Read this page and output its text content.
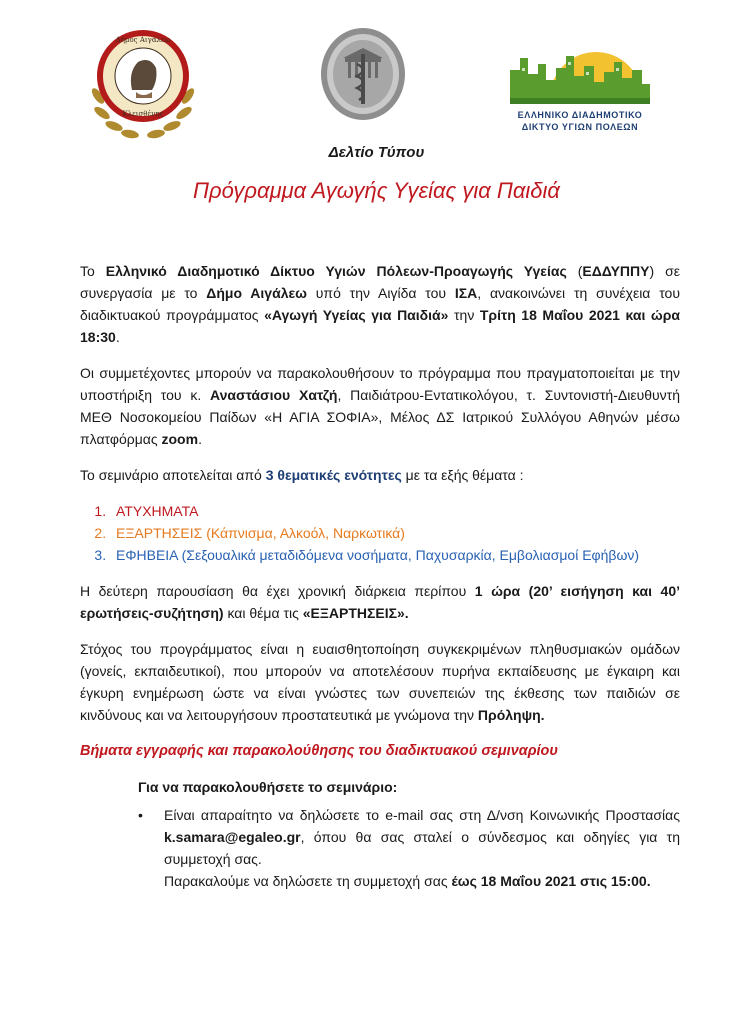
Δήμος Αιγάλεω
Κλεισθένης	ΕΛΛΗΝΙΚΟ ΔΙΑΔΗΜΟΤΙΚΟ
ΔΙΚΤΥΟ ΥΓΙΩΝ ΠΟΛΕΩΝ
Δελτίο Τύπου
Πρόγραμμα Αγωγής Υγείας για Παιδιά

Το Ελληνικό Διαδημοτικό Δίκτυο Υγιών Πόλεων-Προαγωγής Υγείας (ΕΔΔΥΠΠΥ) σε συνεργασία με το Δήμο Αιγάλεω υπό την Αιγίδα του ΙΣΑ, ανακοινώνει τη συνέχεια του διαδικτυακού προγράμματος «Αγωγή Υγείας για Παιδιά» την Τρίτη 18 Μαΐου 2021 και ώρα 18:30.

Οι συμμετέχοντες μπορούν να παρακολουθήσουν το πρόγραμμα που πραγματοποιείται με την υποστήριξη του κ. Αναστάσιου Χατζή, Παιδιάτρου-Εντατικολόγου, τ. Συντονιστή-Διευθυντή ΜΕΘ Νοσοκομείου Παίδων «Η ΑΓΙΑ ΣΟΦΙΑ», Μέλος ΔΣ Ιατρικού Συλλόγου Αθηνών μέσω πλατφόρμας zoom.

Το σεμινάριο αποτελείται από 3 θεματικές ενότητες με τα εξής θέματα :

1. ΑΤΥΧΗΜΑΤΑ
2. ΕΞΑΡΤΗΣΕΙΣ (Κάπνισμα, Αλκοόλ, Ναρκωτικά)
3. ΕΦΗΒΕΙΑ (Σεξουαλικά μεταδιδόμενα νοσήματα, Παχυσαρκία, Εμβολιασμοί Εφήβων)

Η δεύτερη παρουσίαση θα έχει χρονική διάρκεια περίπου 1 ώρα (20’ εισήγηση και 40’ ερωτήσεις-συζήτηση) και θέμα τις «ΕΞΑΡΤΗΣΕΙΣ».

Στόχος του προγράμματος είναι η ευαισθητοποίηση συγκεκριμένων πληθυσμιακών ομάδων (γονείς, εκπαιδευτικοί), που μπορούν να αποτελέσουν πυρήνα εκπαίδευσης με έγκαιρη και έγκυρη ενημέρωση ώστε να είναι γνώστες των συνεπειών της έκθεσης των παιδιών σε κινδύνους και να λειτουργήσουν προστατευτικά με γνώμονα την Πρόληψη.

Βήματα εγγραφής και παρακολούθησης του διαδικτυακού σεμιναρίου
Για να παρακολουθήσετε το σεμινάριο:
• Είναι απαραίτητο να δηλώσετε το e-mail σας στη Δ/νση Κοινωνικής Προστασίας k.samara@egaleo.gr, όπου θα σας σταλεί ο σύνδεσμος και οδηγίες για τη συμμετοχή σας.
Παρακαλούμε να δηλώσετε τη συμμετοχή σας έως 18 Μαΐου 2021 στις 15:00.
